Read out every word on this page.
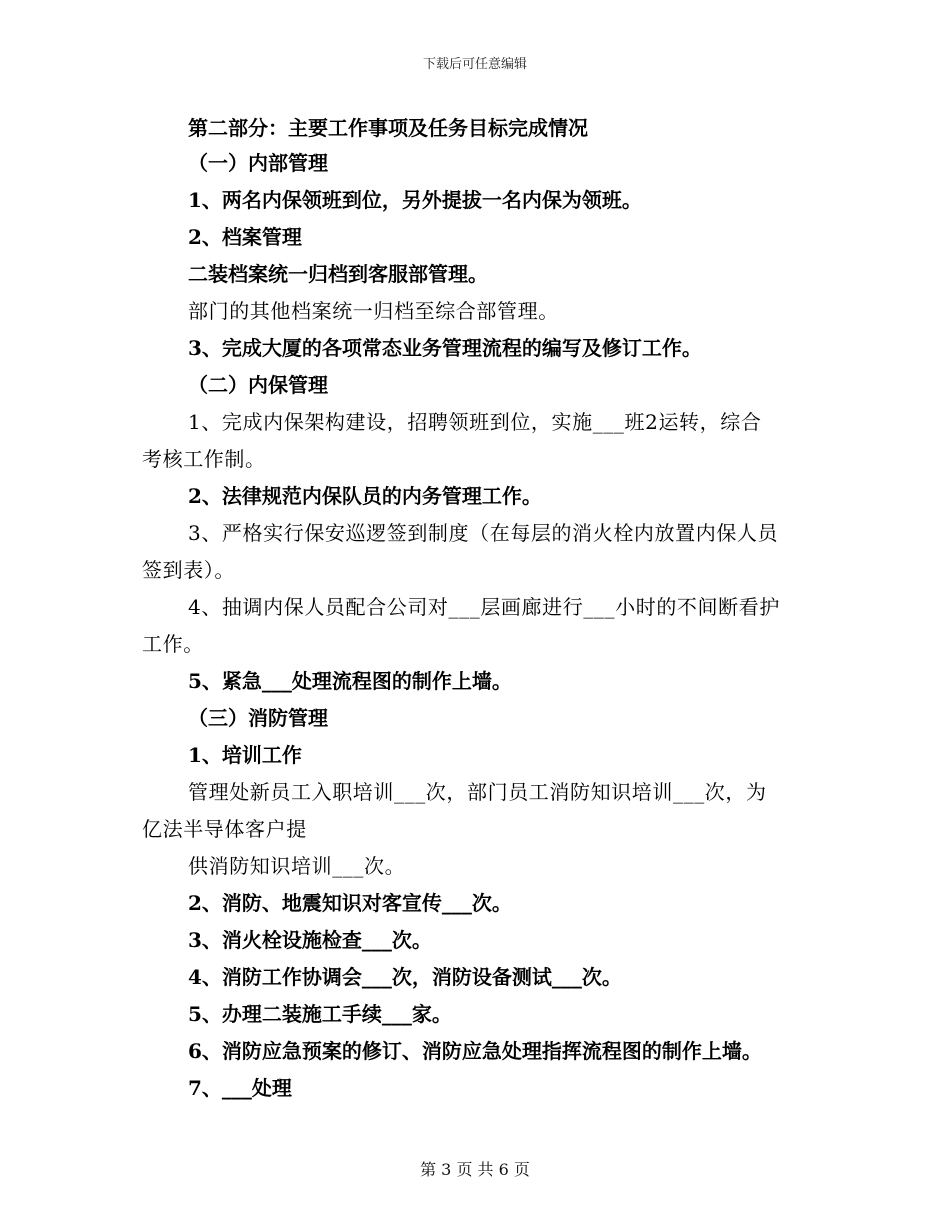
下载后可任意编辑
第二部分：主要工作事项及任务目标完成情况
（一）内部管理
1、两名内保领班到位，另外提拔一名内保为领班。
2、档案管理
二装档案统一归档到客服部管理。
部门的其他档案统一归档至综合部管理。
3、完成大厦的各项常态业务管理流程的编写及修订工作。
（二）内保管理
1、完成内保架构建设，招聘领班到位，实施___班2运转，综合
考核工作制。
2、法律规范内保队员的内务管理工作。
3、严格实行保安巡逻签到制度（在每层的消火栓内放置内保人员
签到表）。
4、抽调内保人员配合公司对___层画廊进行___小时的不间断看护
工作。
5、紧急___处理流程图的制作上墙。
（三）消防管理
1、培训工作
管理处新员工入职培训___次，部门员工消防知识培训___次，为
亿法半导体客户提
供消防知识培训___次。
2、消防、地震知识对客宣传___次。
3、消火栓设施检查___次。
4、消防工作协调会___次，消防设备测试___次。
5、办理二装施工手续___家。
6、消防应急预案的修订、消防应急处理指挥流程图的制作上墙。
7、___处理
第 3 页 共 6 页
